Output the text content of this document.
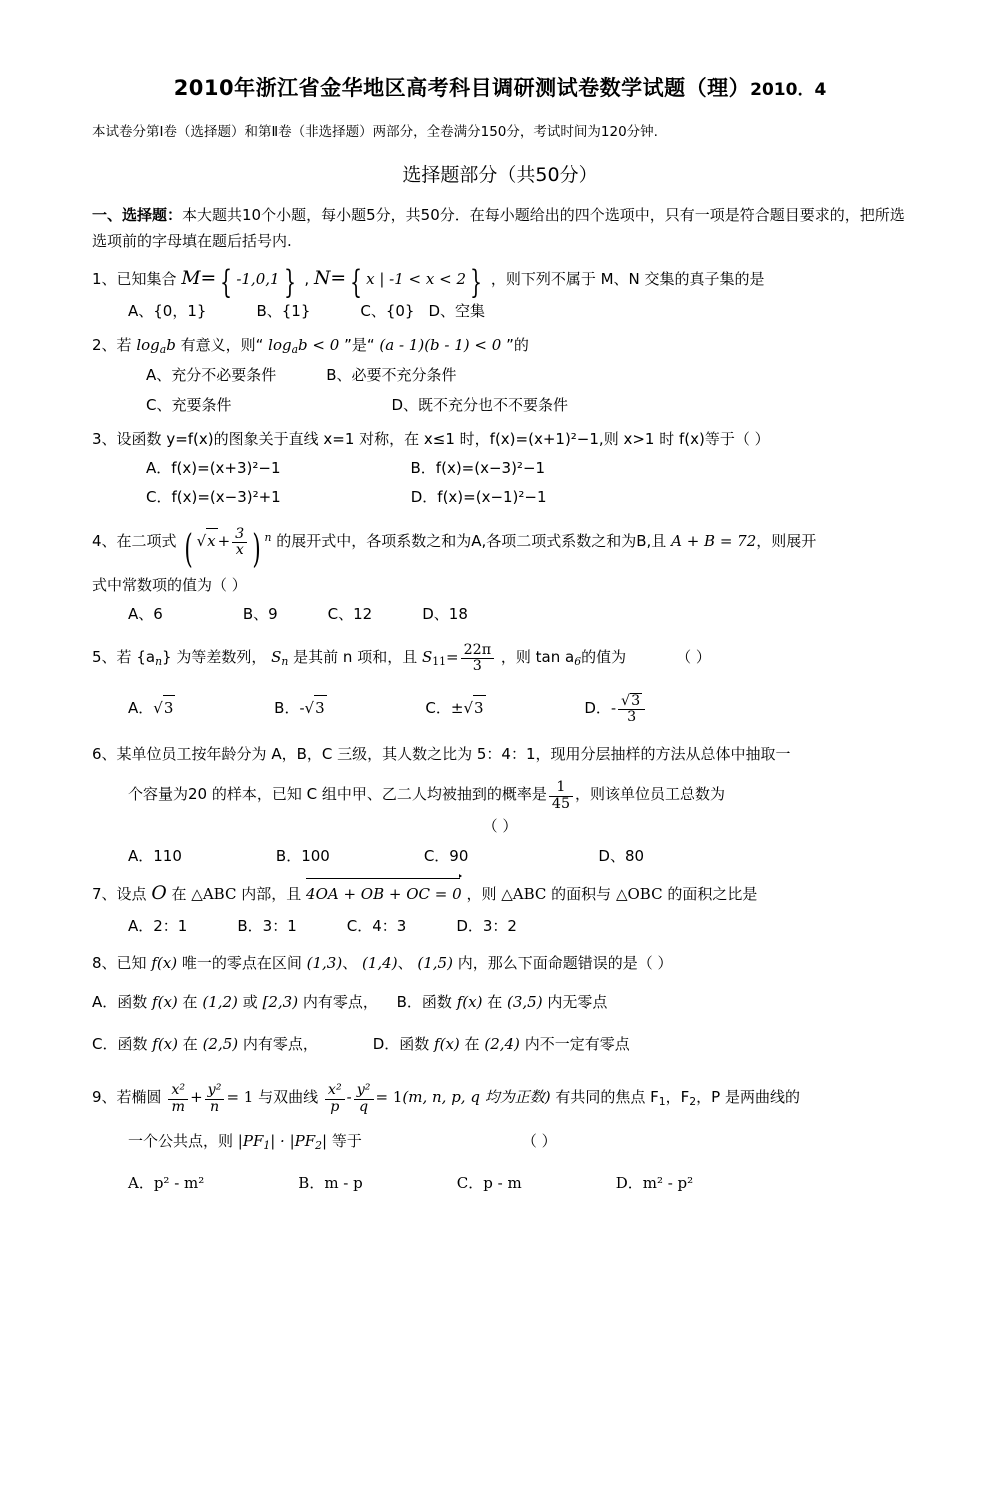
2010年浙江省金华地区高考科目调研测试卷数学试题（理）2010．4
本试卷分第Ⅰ卷（选择题）和第Ⅱ卷（非选择题）两部分，全卷满分150分，考试时间为120分钟.
选择题部分（共50分）
一、选择题：本大题共10个小题，每小题5分，共50分．在每小题给出的四个选项中，只有一项是符合题目要求的，把所选选项前的字母填在题后括号内.
1、已知集合 M= { -1,0,1 } , N= { x | -1 < x < 2 } ，则下列不属于 M、N 交集的真子集的是
A、{0，1}	B、{1}	C、{0} D、空集
2、若 $\log_ab$ 有意义，则“ $\log_ab < 0$ ”是“ (a - 1)(b - 1) < 0 ”的
A、充分不必要条件	B、必要不充分条件
C、充要条件	D、既不充分也不不要条件
3、设函数 y=f(x)的图象关于直线 x=1 对称，在 x≤1 时，f(x)=(x+1)²−1,则 x>1 时 f(x)等于（ ）
A．f(x)=(x+3)²−1	B．f(x)=(x−3)²−1
C．f(x)=(x−3)²+1	D．f(x)=(x−1)²−1
4、在二项式 ( $√x + \frac{3}{x}$ ) $^n$ 的展开式中，各项系数之和为A,各项二项式系数之和为B,且 A + B = 72，则展开
式中常数项的值为（ ）
A、6	B、9	C、12	D、18
5、若 $\{a_n\}$ 为等差数列， $S_n$ 是其前 n 项和，且 $S_{11}= \frac{22\pi}{3}$ ，则 $\tan a_6$的值为	（ ）
A．√3	B．-√3	C．±√3	D．- $\frac{√3}{3}$
6、某单位员工按年龄分为 A，B，C 三级，其人数之比为 5：4：1，现用分层抽样的方法从总体中抽取一
个容量为20 的样本，已知 C 组中甲、乙二人均被抽到的概率是 $\frac{1}{45}$ ，则该单位员工总数为
（ ）
A．110	B．100	C．90	D、80
7、设点 O 在 △ABC 内部，且 4OA + OB + OC = 0 ，则 △ABC 的面积与 △OBC 的面积之比是
A．2：1	B．3：1	C．4：3	D．3：2
8、已知 f(x) 唯一的零点在区间 (1,3)、 (1,4)、 (1,5) 内，那么下面命题错误的是（ ）
A．函数 f(x) 在 (1,2) 或 [2,3) 内有零点， B．函数 f(x) 在 (3,5) 内无零点
C．函数 f(x) 在 (2,5) 内有零点，	D．函数 f(x) 在 (2,4) 内不一定有零点
9、若椭圆 $\frac{\text{x²}}{m} + \frac{\text{y²}}{n} = 1$ 与双曲线 $\frac{\text{x²}}{p} - \frac{\text{y²}}{q} = 1(m$, n, p, q 均为正数) 有共同的焦点 $F_1$，$F_2$，P 是两曲线的
一个公共点，则 $|PF_1| \cdot |PF_2|$ 等于	（ ）
A．p² - m²	B．m - p	C．p - m	D．m² - p²
